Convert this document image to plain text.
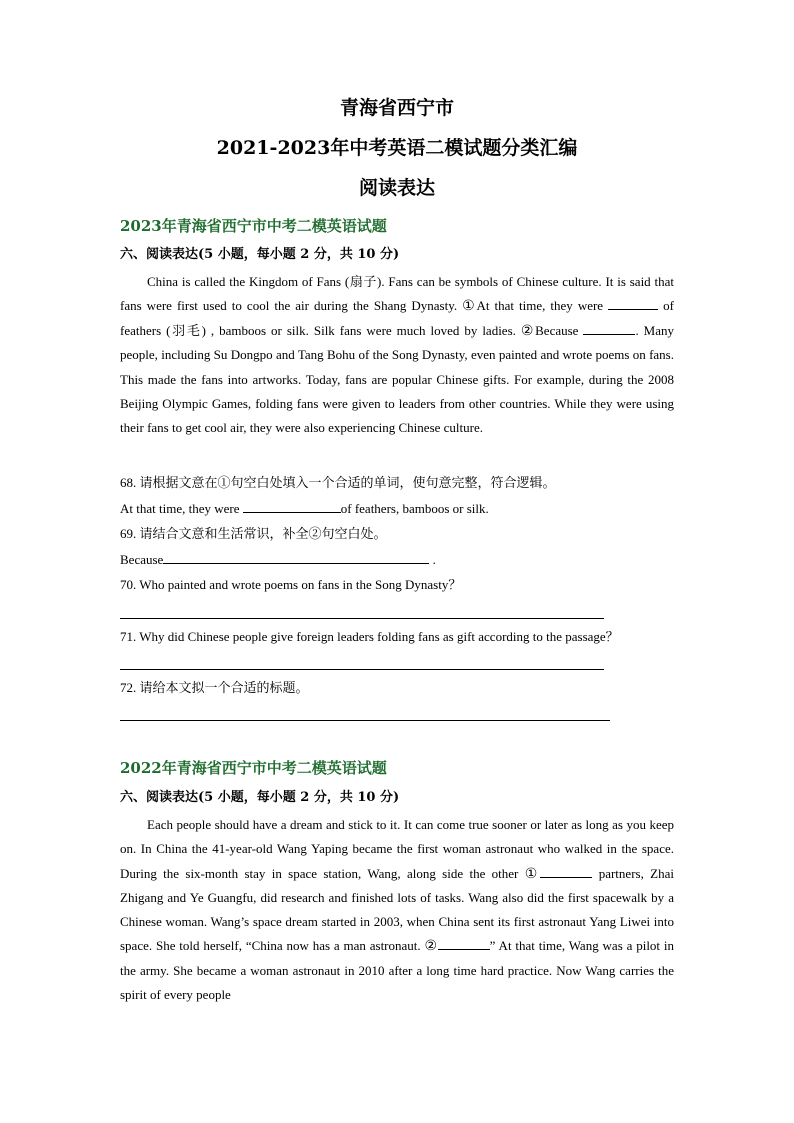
青海省西宁市
2021-2023年中考英语二模试题分类汇编
阅读表达
2023年青海省西宁市中考二模英语试题
六、阅读表达(5 小题，每小题 2 分，共 10 分)
China is called the Kingdom of Fans (扇子). Fans can be symbols of Chinese culture. It is said that fans were first used to cool the air during the Shang Dynasty. ①At that time, they were	of feathers (羽毛) , bamboos or silk. Silk fans were much loved by ladies. ②Because	. Many people, including Su Dongpo and Tang Bohu of the Song Dynasty, even painted and wrote poems on fans. This made the fans into artworks. Today, fans are popular Chinese gifts. For example, during the 2008 Beijing Olympic Games, folding fans were given to leaders from other countries. While they were using their fans to get cool air, they were also experiencing Chinese culture.
68. 请根据文意在①句空白处填入一个合适的单词，使句意完整，符合逻辑。
At that time, they were	of feathers, bamboos or silk.
69. 请结合文意和生活常识，补全②句空白处。
Because	.
70. Who painted and wrote poems on fans in the Song Dynasty？
71. Why did Chinese people give foreign leaders folding fans as gift according to the passage？
72. 请给本文拟一个合适的标题。
2022年青海省西宁市中考二模英语试题
六、阅读表达(5 小题，每小题 2 分，共 10 分)
Each people should have a dream and stick to it. It can come true sooner or later as long as you keep on. In China the 41-year-old Wang Yaping became the first woman astronaut who walked in the space. During the six-month stay in space station, Wang, along side the other ①	partners, Zhai Zhigang and Ye Guangfu, did research and finished lots of tasks. Wang also did the first spacewalk by a Chinese woman. Wang’s space dream started in 2003, when China sent its first astronaut Yang Liwei into space. She told herself, “China now has a man astronaut. ②	” At that time, Wang was a pilot in the army. She became a woman astronaut in 2010 after a long time hard practice. Now Wang carries the spirit of every people
